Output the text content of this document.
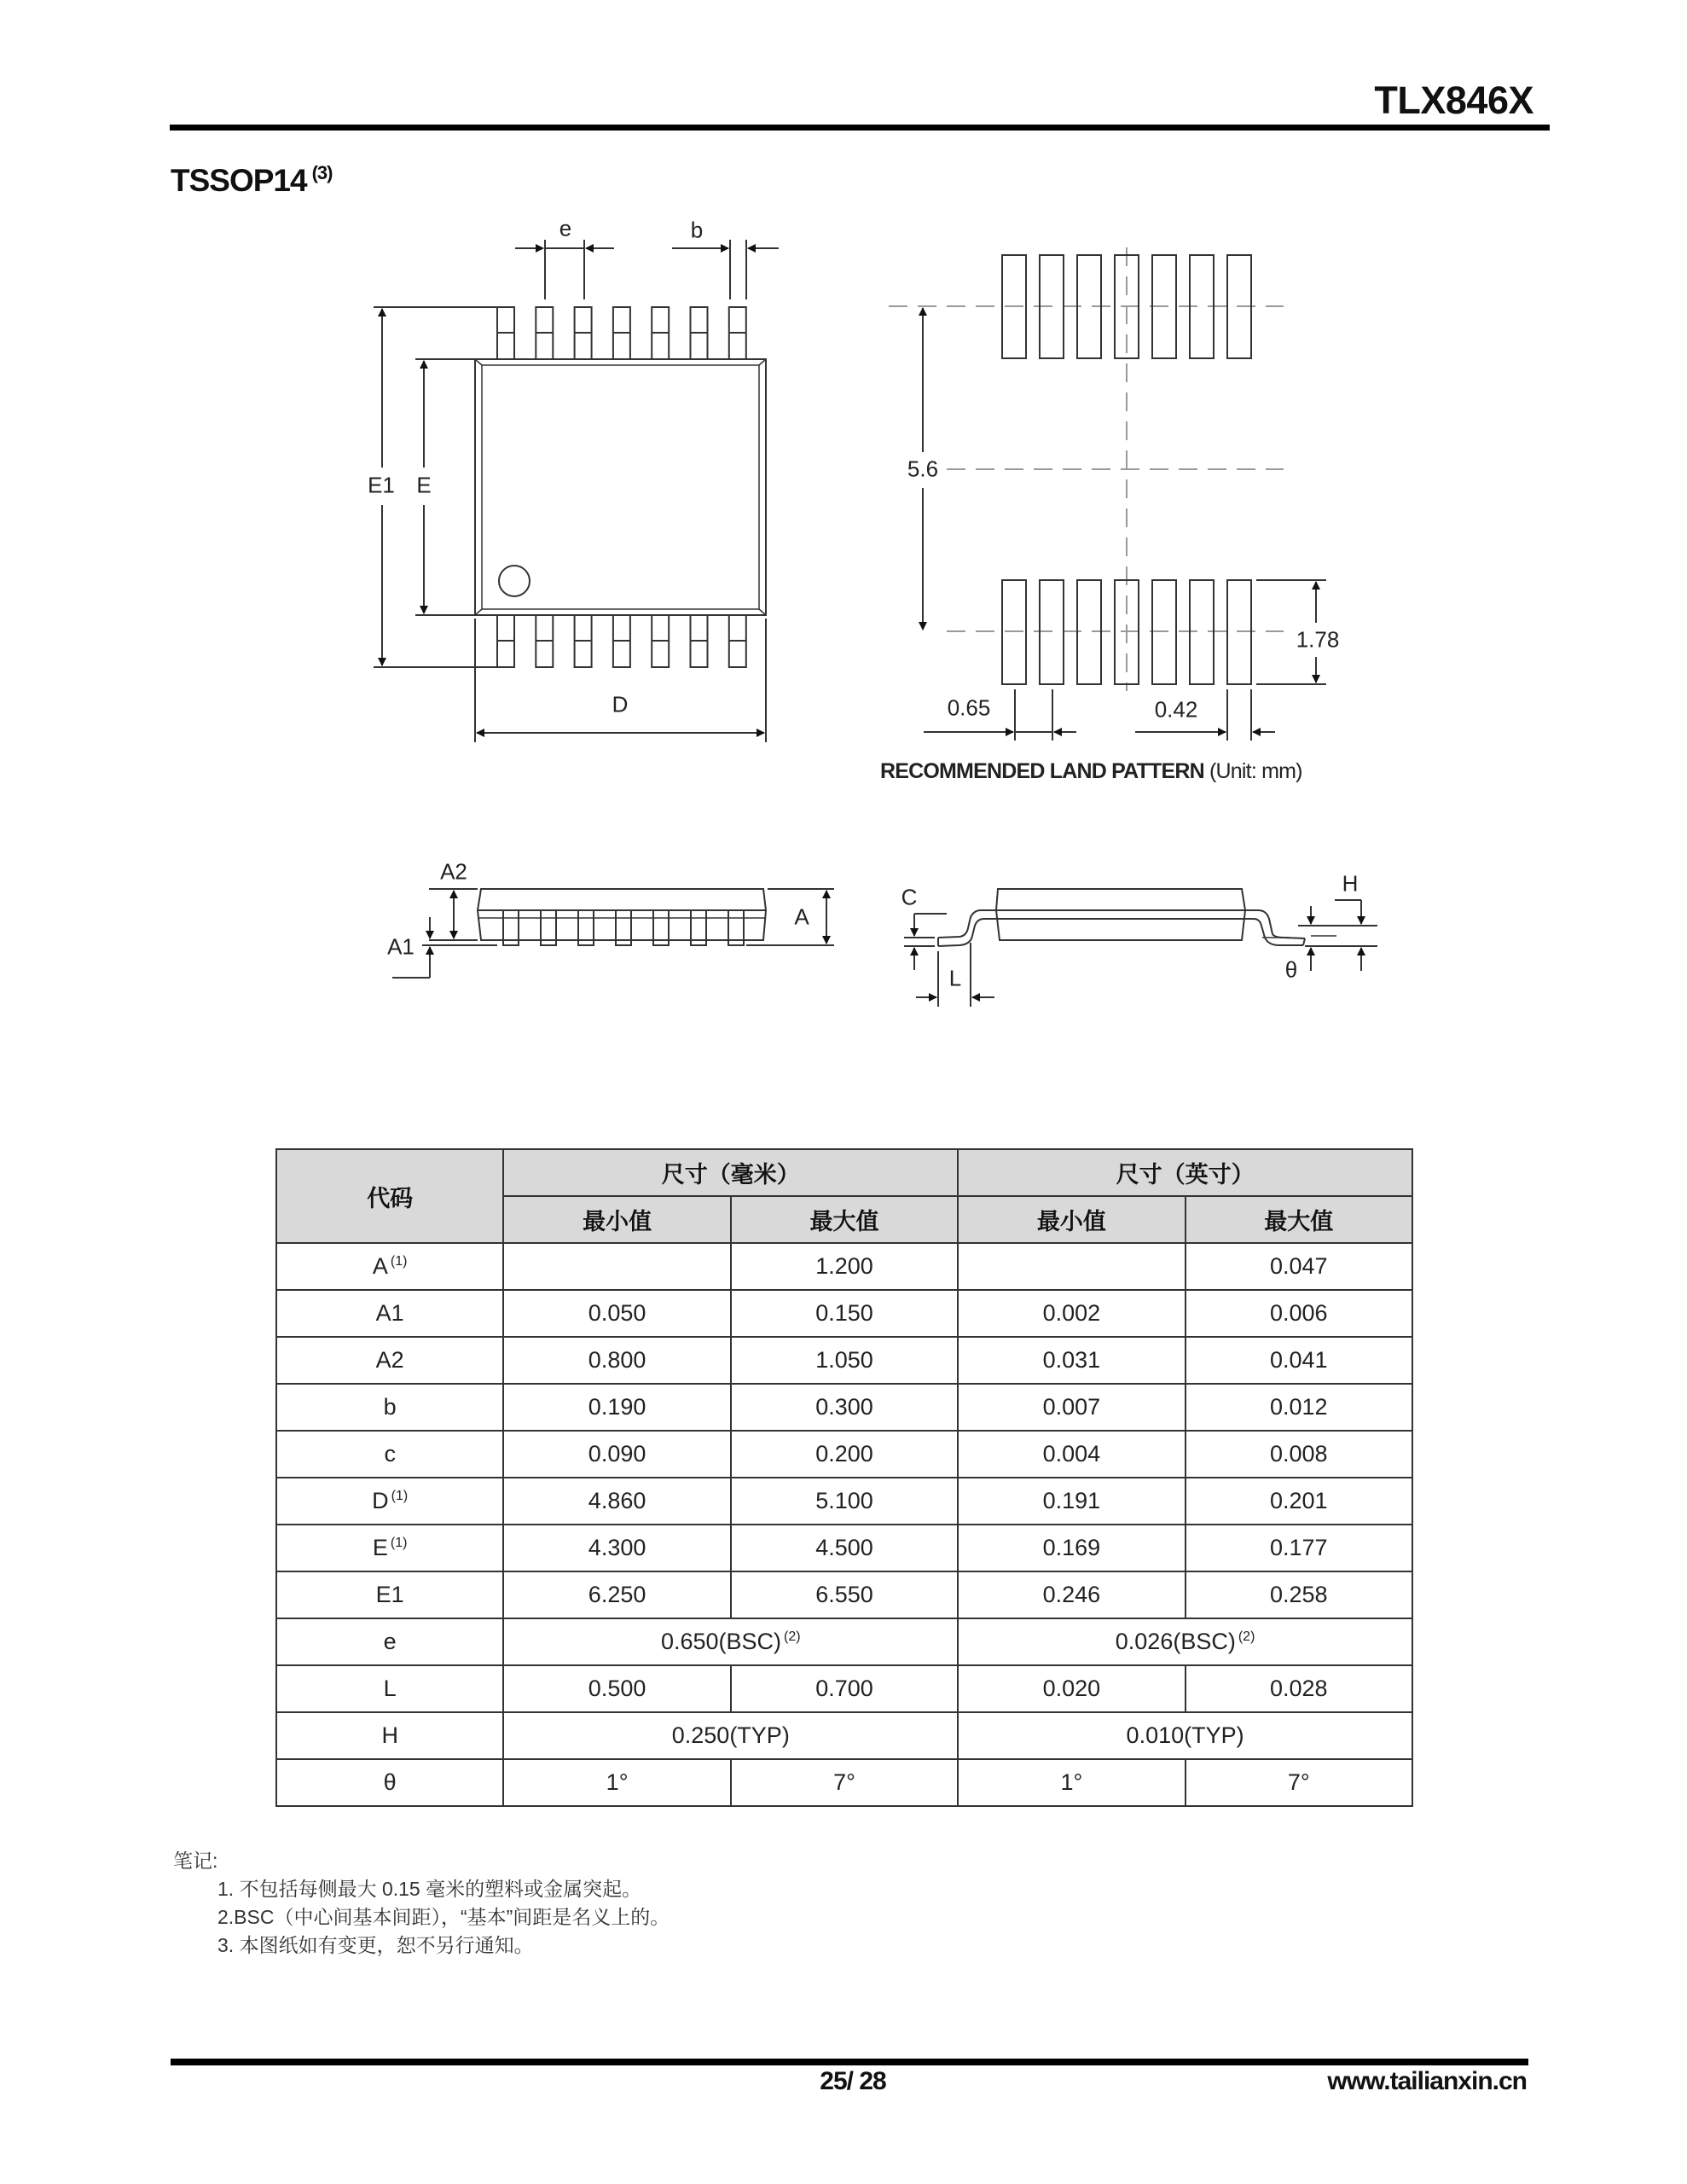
TLX846X
TSSOP14 $^{(3)}$
e	b
E1 E
D
5.6
1.78
0.65	0.42
RECOMMENDED LAND PATTERN (Unit: mm)
A2
A1
A
C
L
H
θ
代码	尺寸（毫米）		尺寸（英寸）	
	最小值	最大值	最小值	最大值
A $^{(1)}$		1.200		0.047
A1	0.050	0.150	0.002	0.006
A2	0.800	1.050	0.031	0.041
b	0.190	0.300	0.007	0.012
c	0.090	0.200	0.004	0.008
D $^{(1)}$	4.860	5.100	0.191	0.201
E $^{(1)}$	4.300	4.500	0.169	0.177
E1	6.250	6.550	0.246	0.258
e	0.650(BSC) $^{(2)}$		0.026(BSC) $^{(2)}$
L	0.500	0.700	0.020	0.028
H	0.250(TYP)		0.010(TYP)	
θ	1°	7°	1°	7°
笔记:
1. 不包括每侧最大 0.15 毫米的塑料或金属突起。
2.BSC（中心间基本间距），“基本”间距是名义上的。
3. 本图纸如有变更，恕不另行通知。
25/ 28	www.tailianxin.cn
